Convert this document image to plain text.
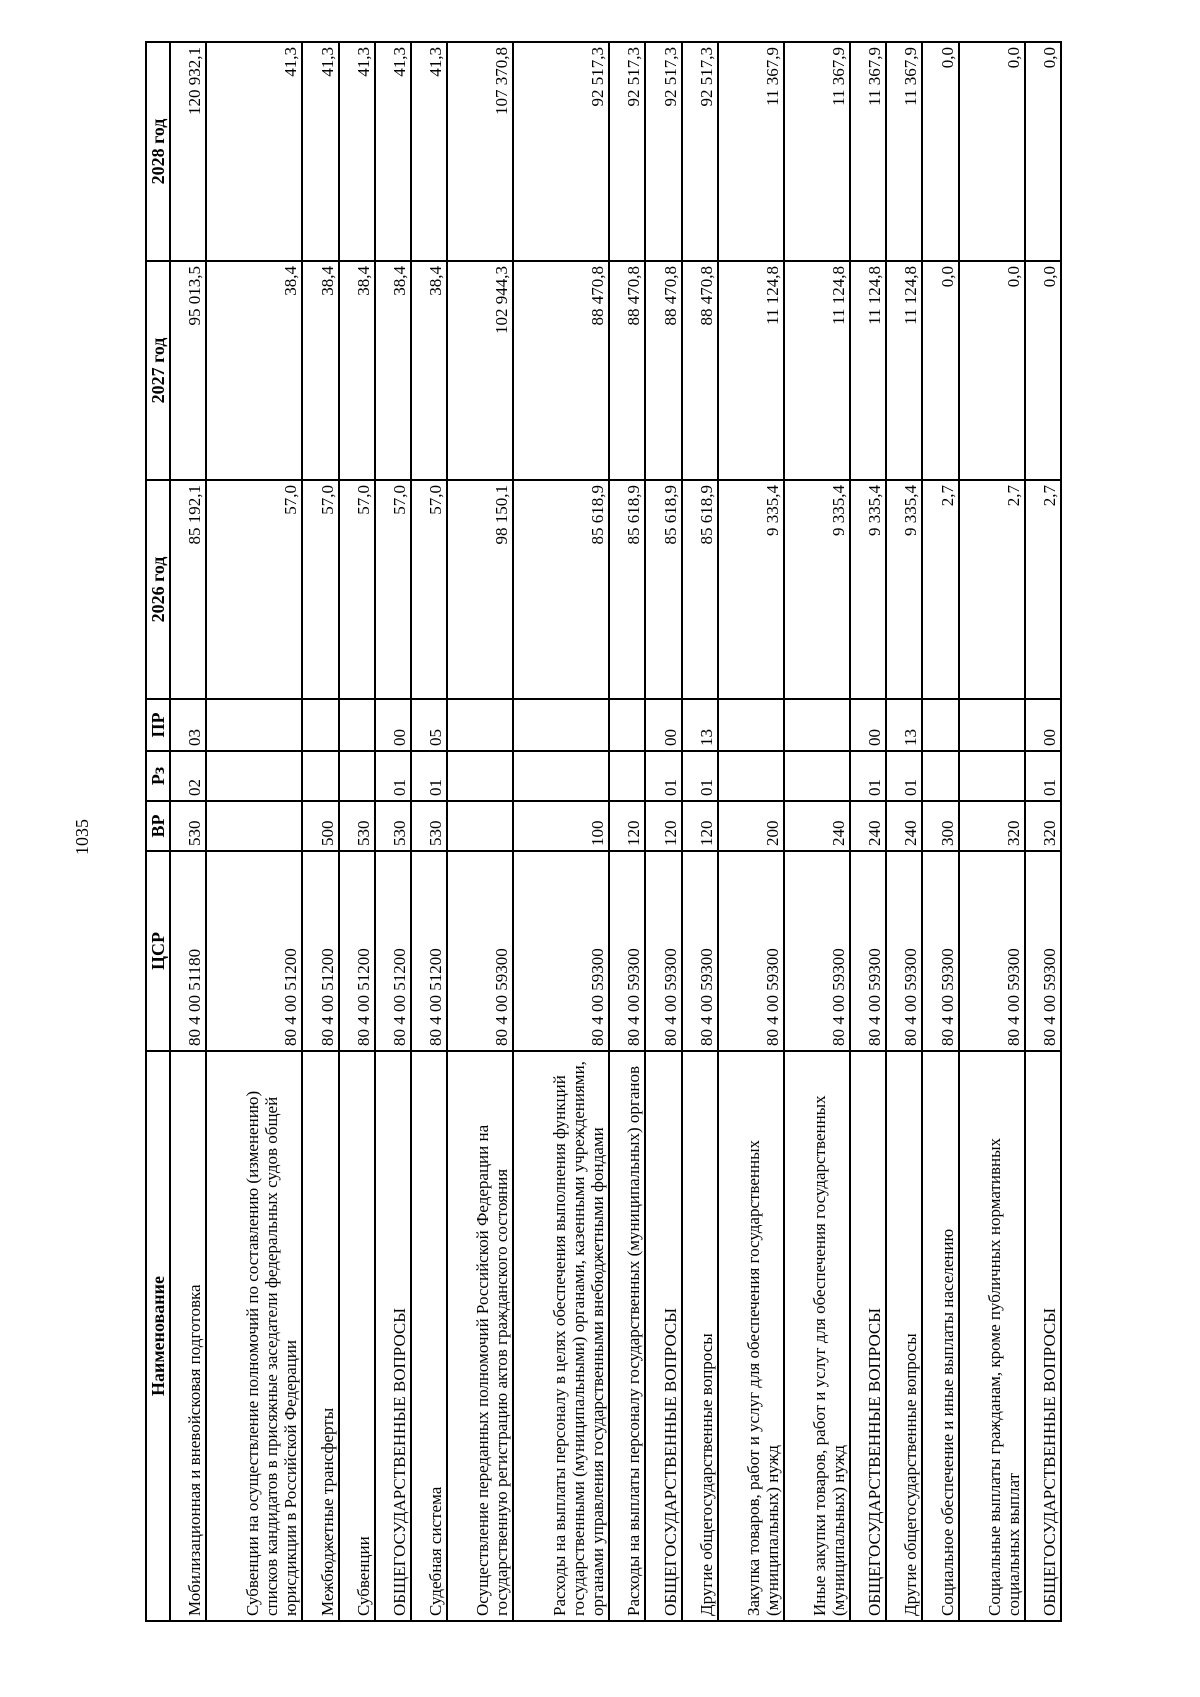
1035
Наименование	ЦСР	ВР	Рз	ПР	2026 год	2027 год	2028 год
Мобилизационная и вневойсковая подготовка	80 4 00 51180	530	02	03	85 192,1	95 013,5	120 932,1
Субвенции на осуществление полномочий по составлению (изменению) списков кандидатов в присяжные заседатели федеральных судов общей юрисдикции в Российской Федерации	80 4 00 51200				57,0	38,4	41,3
Межбюджетные трансферты	80 4 00 51200	500			57,0	38,4	41,3
Субвенции	80 4 00 51200	530			57,0	38,4	41,3
ОБЩЕГОСУДАРСТВЕННЫЕ ВОПРОСЫ	80 4 00 51200	530	01	00	57,0	38,4	41,3
Судебная система	80 4 00 51200	530	01	05	57,0	38,4	41,3
Осуществление переданных полномочий Российской Федерации на государственную регистрацию актов гражданского состояния	80 4 00 59300				98 150,1	102 944,3	107 370,8
Расходы на выплаты персоналу в целях обеспечения выполнения функций государственными (муниципальными) органами, казенными учреждениями, органами управления государственными внебюджетными фондами	80 4 00 59300	100			85 618,9	88 470,8	92 517,3
Расходы на выплаты персоналу государственных (муниципальных) органов	80 4 00 59300	120			85 618,9	88 470,8	92 517,3
ОБЩЕГОСУДАРСТВЕННЫЕ ВОПРОСЫ	80 4 00 59300	120	01	00	85 618,9	88 470,8	92 517,3
Другие общегосударственные вопросы	80 4 00 59300	120	01	13	85 618,9	88 470,8	92 517,3
Закупка товаров, работ и услуг для обеспечения государственных (муниципальных) нужд	80 4 00 59300	200			9 335,4	11 124,8	11 367,9
Иные закупки товаров, работ и услуг для обеспечения государственных (муниципальных) нужд	80 4 00 59300	240			9 335,4	11 124,8	11 367,9
ОБЩЕГОСУДАРСТВЕННЫЕ ВОПРОСЫ	80 4 00 59300	240	01	00	9 335,4	11 124,8	11 367,9
Другие общегосударственные вопросы	80 4 00 59300	240	01	13	9 335,4	11 124,8	11 367,9
Социальное обеспечение и иные выплаты населению	80 4 00 59300	300			2,7	0,0	0,0
Социальные выплаты гражданам, кроме публичных нормативных социальных выплат	80 4 00 59300	320			2,7	0,0	0,0
ОБЩЕГОСУДАРСТВЕННЫЕ ВОПРОСЫ	80 4 00 59300	320	01	00	2,7	0,0	0,0
